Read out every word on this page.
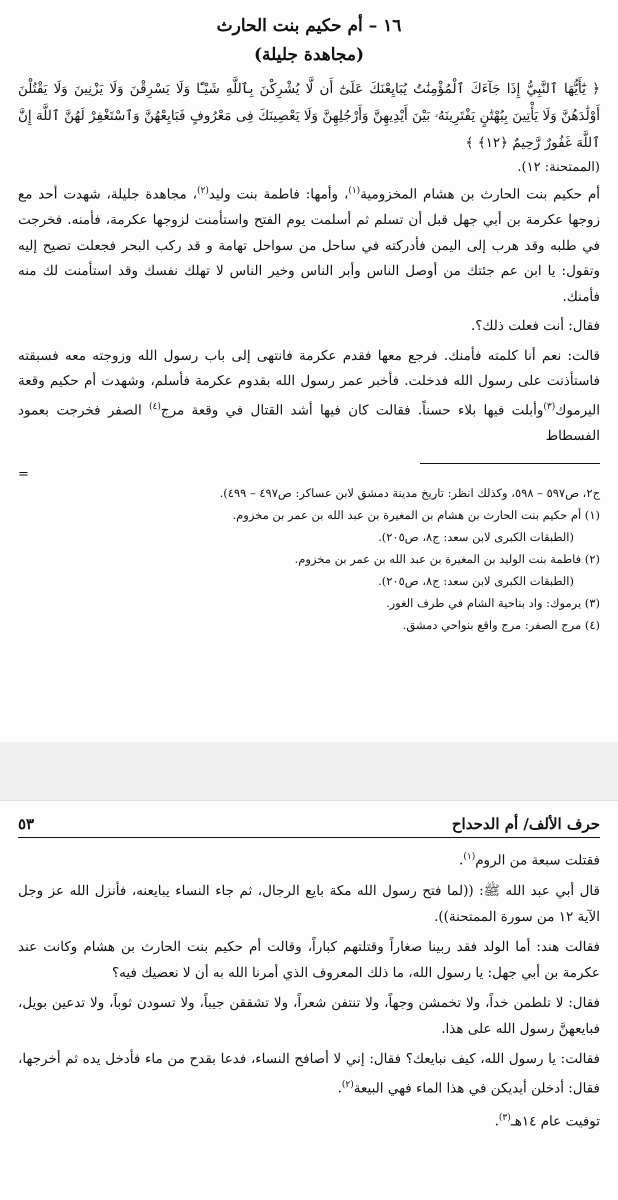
١٦ – أم حكيم بنت الحارث
(مجاهدة جليلة)

﴿ يَٰٓأَيُّهَا ٱلنَّبِيُّ إِذَا جَآءَكَ ٱلْمُؤْمِنَٰتُ يُبَايِعْنَكَ عَلَىٰٓ أَن لَّا يُشْرِكْنَ بِٱللَّهِ شَيْـًٔا وَلَا يَسْرِقْنَ وَلَا يَزْنِينَ وَلَا يَقْتُلْنَ أَوْلَٰدَهُنَّ وَلَا يَأْتِينَ بِبُهْتَٰنٍ يَفْتَرِينَهُۥ بَيْنَ أَيْدِيهِنَّ وَأَرْجُلِهِنَّ وَلَا يَعْصِينَكَ فِى مَعْرُوفٍ فَبَايِعْهُنَّ وَٱسْتَغْفِرْ لَهُنَّ ٱللَّهَ إِنَّ ٱللَّهَ غَفُورٌ رَّحِيمٌ ﴿١٢﴾ ﴾

(الممتحنة: ١٢).

أم حكيم بنت الحارث بن هشام المخزومية$^{(١)}$، وأمها: فاطمة بنت وليد$^{(٢)}$، مجاهدة جليلة، شهدت أحد مع زوجها عكرمة بن أبي جهل قبل أن تسلم ثم أسلمت يوم الفتح واستأمنت لزوجها عكرمة، فأمنه. فخرجت في طلبه وقد هرب إلى اليمن فأدركته في ساحل من سواحل تهامة و قد ركب البحر فجعلت تصيح إليه وتقول: يا ابن عم جئتك من أوصل الناس وأبر الناس وخير الناس لا تهلك نفسك وقد استأمنت لك منه فأمنك.

فقال: أنت فعلت ذلك؟.

قالت: نعم أنا كلمته فأمنك. فرجع معها فقدم عكرمة فانتهى إلى باب رسول الله وزوجته معه فسبقته فاستأذنت على رسول الله فدخلت. فأخبر عمر رسول الله بقدوم عكرمة فأسلم، وشهدت أم حكيم وقعة اليرموك$^{(٣)}$وأبلت فيها بلاء حسناً. فقالت كان فيها أشد القتال في وقعة مرج$^{(٤)}$ الصفر فخرجت بعمود الفسطاط

=

ج٢، ص٥٩٧ – ٥٩٨، وكذلك انظر: تاريخ مدينة دمشق لابن عساكر: ص٤٩٧ – ٤٩٩).

(١) أم حكيم بنت الحارث بن هشام بن المغيرة بن عبد الله بن عمر بن مخزوم.

(الطبقات الكبرى لابن سعد: ج٨، ص٢٠٥).

(٢) فاطمة بنت الوليد بن المغيرة بن عبد الله بن عمر بن مخزوم.

(الطبقات الكبرى لابن سعد: ج٨، ص٢٠٥).

(٣) يرموك: واد بناحية الشام في طرف الغور.

(٤) مرج الصفر: مرج واقع بنواحي دمشق.

حرف الألف/ أم الدحداح
٥٣

فقتلت سبعة من الروم$^{(١)}$.

قال أبي عبد الله ﷺ: ((لما فتح رسول الله مكة بايع الرجال، ثم جاء النساء يبايعنه، فأنزل الله عز وجل الآية ١٢ من سورة الممتحنة)).

فقالت هند: أما الولد فقد ربينا صغاراً وقتلتهم كباراً، وقالت أم حكيم بنت الحارث بن هشام وكانت عند عكرمة بن أبي جهل: يا رسول الله، ما ذلك المعروف الذي أمرنا الله به أن لا نعصيك فيه؟

فقال: لا تلطمن خداً، ولا تخمشن وجهاً، ولا تنتفن شعراً، ولا تشققن جيباً، ولا تسودن ثوباً، ولا تدعين بويل، فبايعهنَّ رسول الله على هذا.

فقالت: يا رسول الله، كيف نبايعك؟ فقال: إني لا أصافح النساء، فدعا بقدح من ماء فأدخل يده ثم أخرجها، فقال: أدخلن أيديكن في هذا الماء فهي البيعة$^{(٢)}$.

توفيت عام ١٤هـ$^{(٣)}$.
